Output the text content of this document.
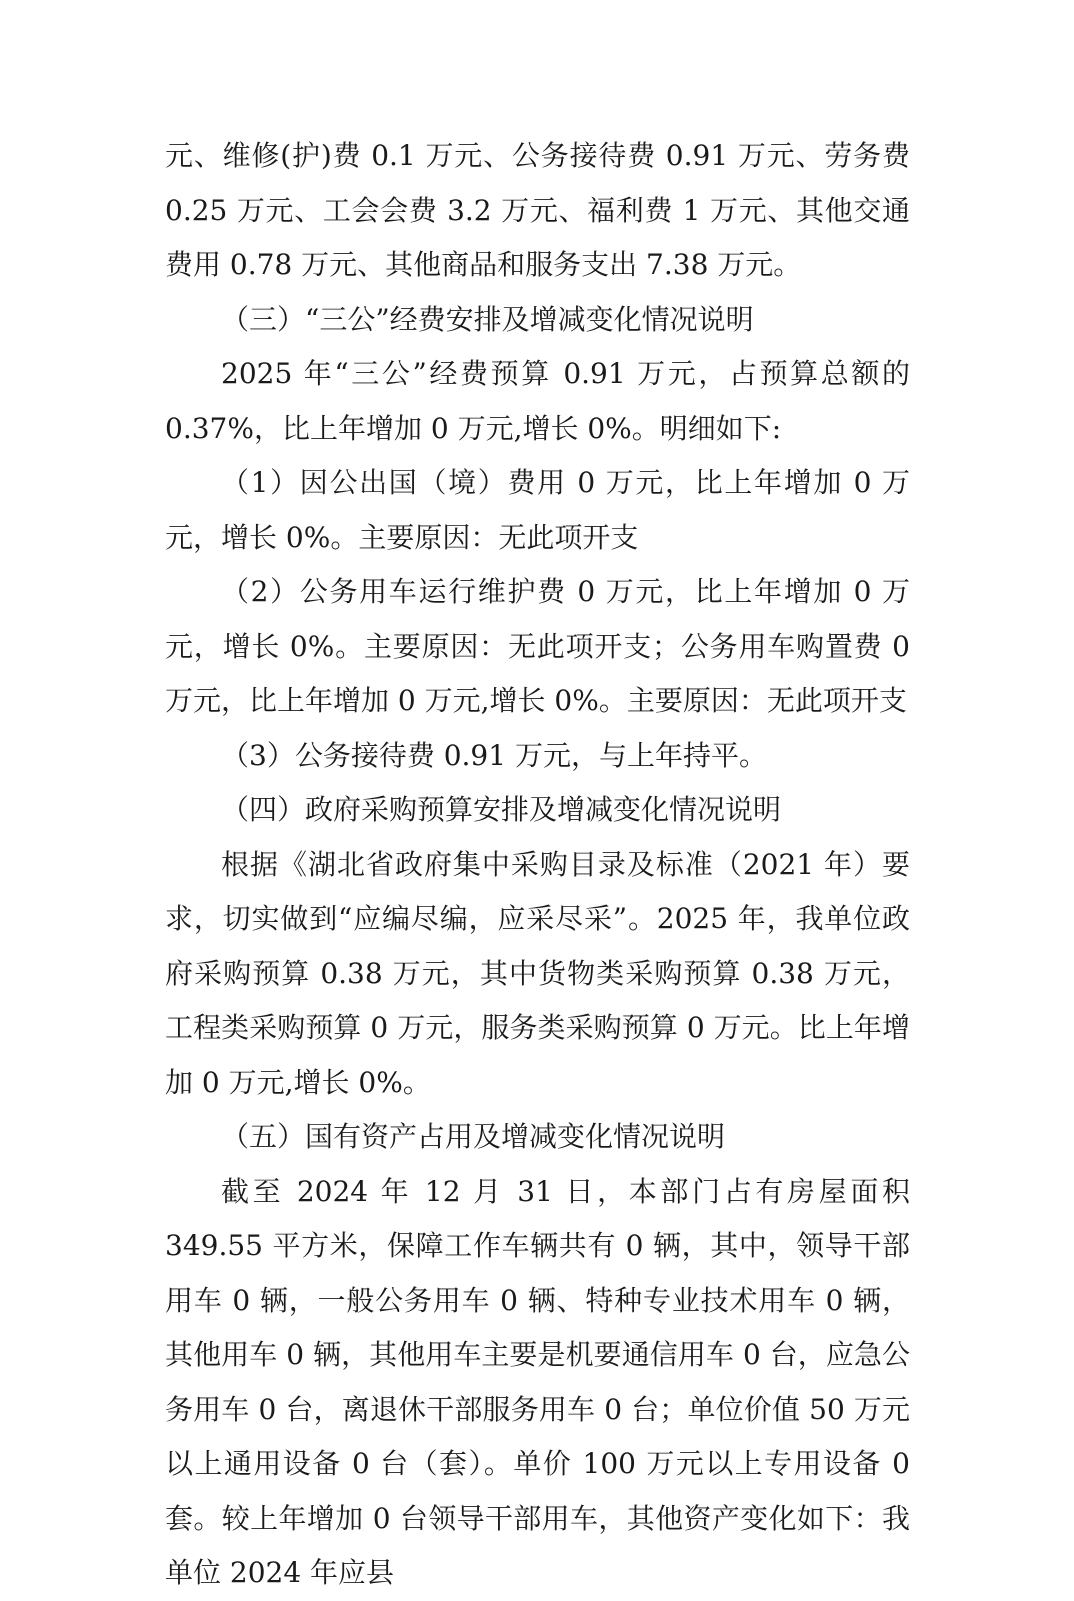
元、维修(护)费 0.1 万元、公务接待费 0.91 万元、劳务费 0.25 万元、工会会费 3.2 万元、福利费 1 万元、其他交通费用 0.78 万元、其他商品和服务支出 7.38 万元。

（三）“三公”经费安排及增减变化情况说明

2025 年“三公”经费预算 0.91 万元，占预算总额的 0.37%，比上年增加 0 万元,增长 0%。明细如下:

（1）因公出国（境）费用 0 万元，比上年增加 0 万元，增长 0%。主要原因：无此项开支

（2）公务用车运行维护费 0 万元，比上年增加 0 万元，增长 0%。主要原因：无此项开支；公务用车购置费 0 万元，比上年增加 0 万元,增长 0%。主要原因：无此项开支

（3）公务接待费 0.91 万元，与上年持平。

（四）政府采购预算安排及增减变化情况说明

根据《湖北省政府集中采购目录及标准（2021 年）要求，切实做到“应编尽编，应采尽采”。2025 年，我单位政府采购预算 0.38 万元，其中货物类采购预算 0.38 万元，工程类采购预算 0 万元，服务类采购预算 0 万元。比上年增加 0 万元,增长 0%。

（五）国有资产占用及增减变化情况说明

截至 2024 年 12 月 31 日，本部门占有房屋面积 349.55 平方米，保障工作车辆共有 0 辆，其中，领导干部用车 0 辆，一般公务用车 0 辆、特种专业技术用车 0 辆，其他用车 0 辆，其他用车主要是机要通信用车 0 台，应急公务用车 0 台，离退休干部服务用车 0 台；单位价值 50 万元以上通用设备 0 台（套）。单价 100 万元以上专用设备 0 套。较上年增加 0 台领导干部用车，其他资产变化如下：我单位 2024 年应县
